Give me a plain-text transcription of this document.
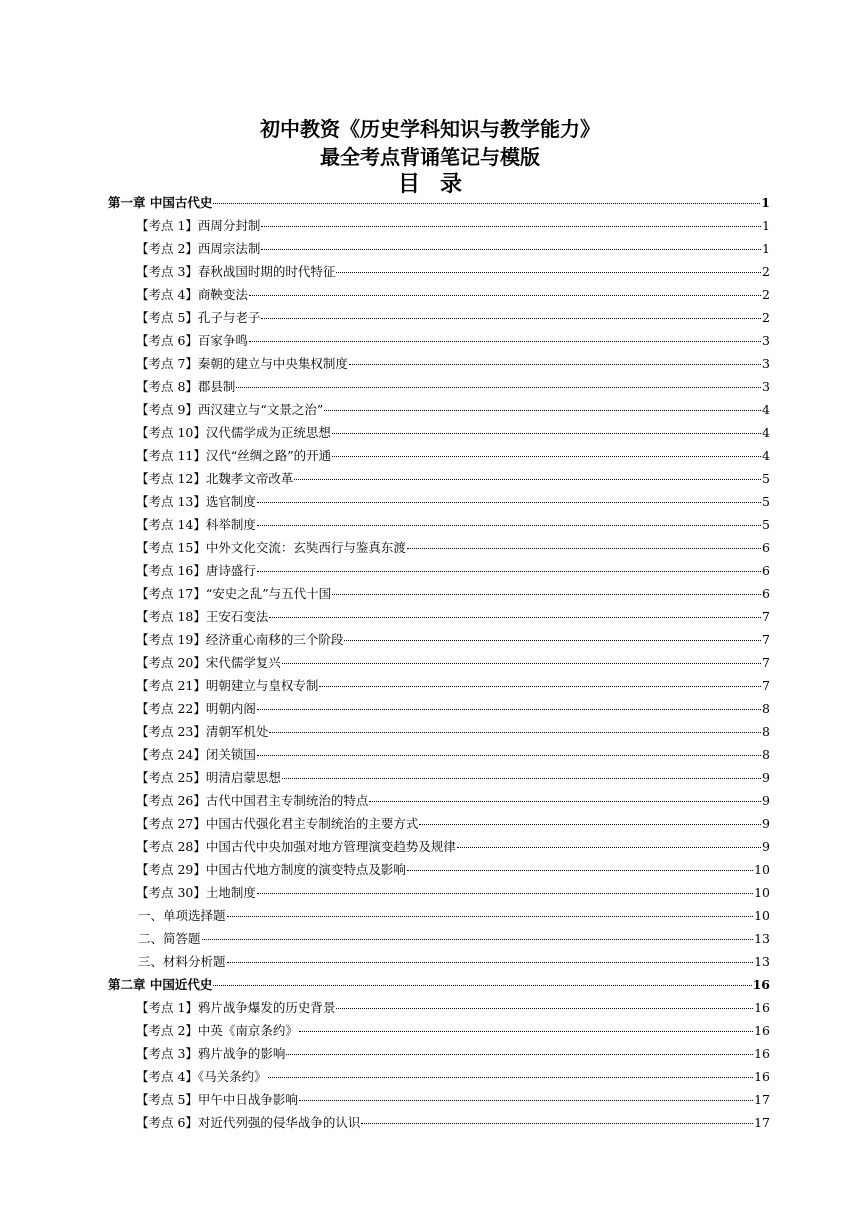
初中教资《历史学科知识与教学能力》
最全考点背诵笔记与模版
目录
第一章 中国古代史	1
【考点 1】西周分封制	1
【考点 2】西周宗法制	1
【考点 3】春秋战国时期的时代特征	2
【考点 4】商鞅变法	2
【考点 5】孔子与老子	2
【考点 6】百家争鸣	3
【考点 7】秦朝的建立与中央集权制度	3
【考点 8】郡县制	3
【考点 9】西汉建立与“文景之治”	4
【考点 10】汉代儒学成为正统思想	4
【考点 11】汉代“丝绸之路”的开通	4
【考点 12】北魏孝文帝改革	5
【考点 13】选官制度	5
【考点 14】科举制度	5
【考点 15】中外文化交流：玄奘西行与鉴真东渡	6
【考点 16】唐诗盛行	6
【考点 17】“安史之乱”与五代十国	6
【考点 18】王安石变法	7
【考点 19】经济重心南移的三个阶段	7
【考点 20】宋代儒学复兴	7
【考点 21】明朝建立与皇权专制	7
【考点 22】明朝内阁	8
【考点 23】清朝军机处	8
【考点 24】闭关锁国	8
【考点 25】明清启蒙思想	9
【考点 26】古代中国君主专制统治的特点	9
【考点 27】中国古代强化君主专制统治的主要方式	9
【考点 28】中国古代中央加强对地方管理演变趋势及规律	9
【考点 29】中国古代地方制度的演变特点及影响	10
【考点 30】土地制度	10
一、单项选择题	10
二、简答题	13
三、材料分析题	13
第二章 中国近代史	16
【考点 1】鸦片战争爆发的历史背景	16
【考点 2】中英《南京条约》	16
【考点 3】鸦片战争的影响	16
【考点 4】《马关条约》	16
【考点 5】甲午中日战争影响	17
【考点 6】对近代列强的侵华战争的认识	17
